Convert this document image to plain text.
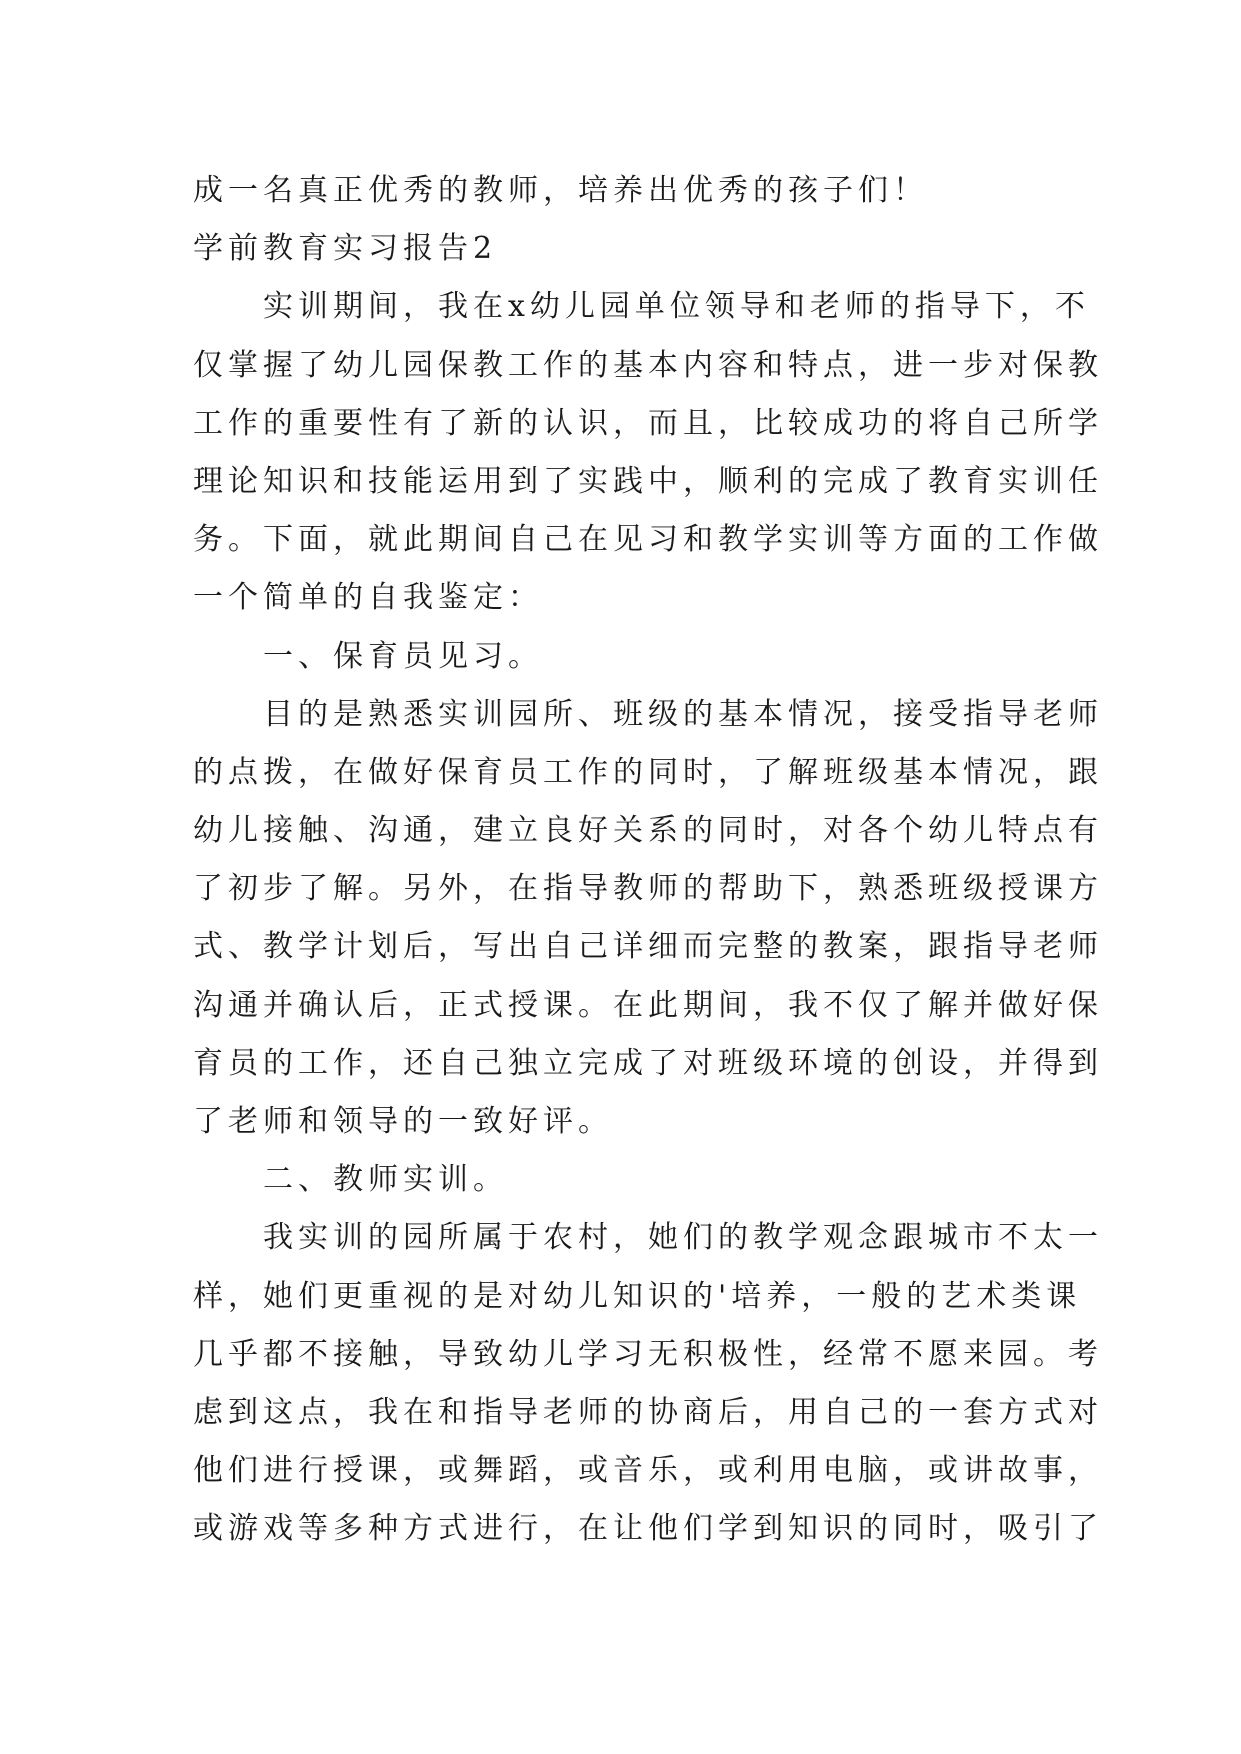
成一名真正优秀的教师，培养出优秀的孩子们！
学前教育实习报告2
　　实训期间，我在x幼儿园单位领导和老师的指导下，不
仅掌握了幼儿园保教工作的基本内容和特点，进一步对保教
工作的重要性有了新的认识，而且，比较成功的将自己所学
理论知识和技能运用到了实践中，顺利的完成了教育实训任
务。下面，就此期间自己在见习和教学实训等方面的工作做
一个简单的自我鉴定：
　　一、保育员见习。
　　目的是熟悉实训园所、班级的基本情况，接受指导老师
的点拨，在做好保育员工作的同时，了解班级基本情况，跟
幼儿接触、沟通，建立良好关系的同时，对各个幼儿特点有
了初步了解。另外，在指导教师的帮助下，熟悉班级授课方
式、教学计划后，写出自己详细而完整的教案，跟指导老师
沟通并确认后，正式授课。在此期间，我不仅了解并做好保
育员的工作，还自己独立完成了对班级环境的创设，并得到
了老师和领导的一致好评。
　　二、教师实训。
　　我实训的园所属于农村，她们的教学观念跟城市不太一
样，她们更重视的是对幼儿知识的'培养，一般的艺术类课
几乎都不接触，导致幼儿学习无积极性，经常不愿来园。考
虑到这点，我在和指导老师的协商后，用自己的一套方式对
他们进行授课，或舞蹈，或音乐，或利用电脑，或讲故事，
或游戏等多种方式进行，在让他们学到知识的同时，吸引了
